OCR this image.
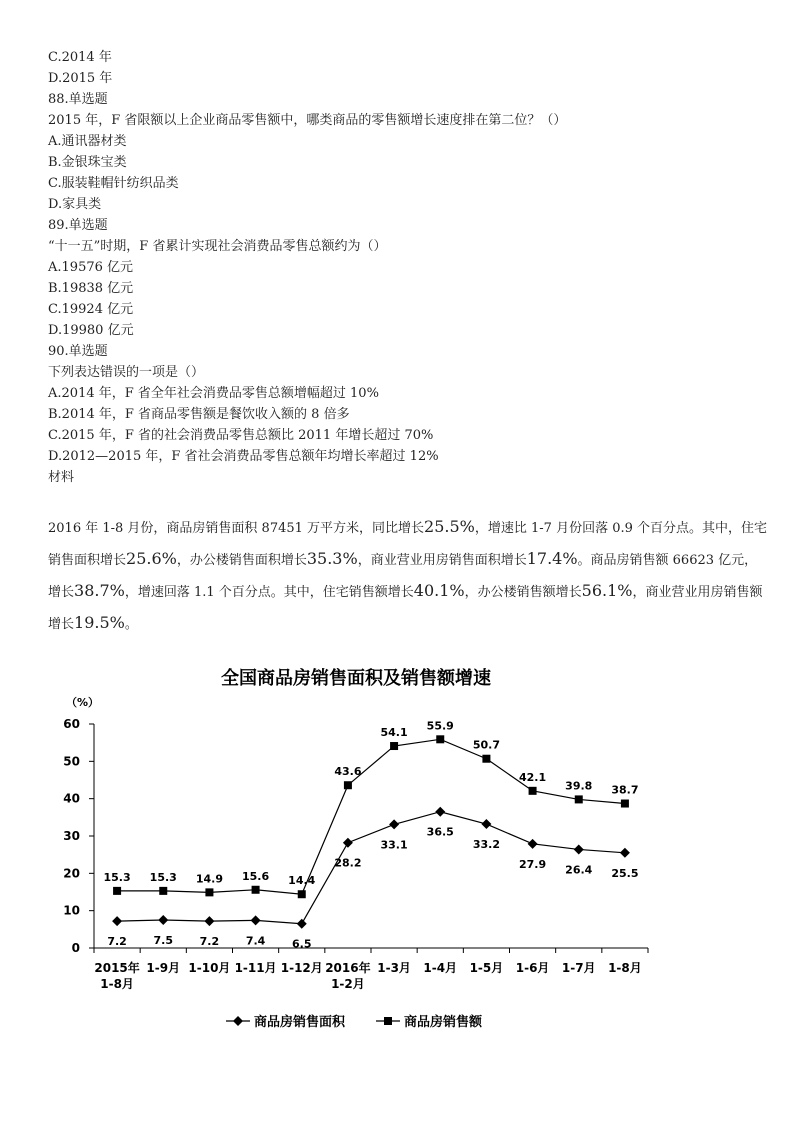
C.2014 年
D.2015 年
88.单选题
2015 年，F 省限额以上企业商品零售额中，哪类商品的零售额增长速度排在第二位？（）
A.通讯器材类
B.金银珠宝类
C.服装鞋帽针纺织品类
D.家具类
89.单选题
“十一五”时期，F 省累计实现社会消费品零售总额约为（）
A.19576 亿元
B.19838 亿元
C.19924 亿元
D.19980 亿元
90.单选题
下列表达错误的一项是（）
A.2014 年，F 省全年社会消费品零售总额增幅超过 10%
B.2014 年，F 省商品零售额是餐饮收入额的 8 倍多
C.2015 年，F 省的社会消费品零售总额比 2011 年增长超过 70%
D.2012—2015 年，F 省社会消费品零售总额年均增长率超过 12%
材料
2016 年 1-8 月份，商品房销售面积 87451 万平方米，同比增长25.5%，增速比 1-7 月份回落 0.9 个百分点。其中，住宅销售面积增长25.6%，办公楼销售面积增长35.3%，商业营业用房销售面积增长17.4%。商品房销售额 66623 亿元，增长38.7%，增速回落 1.1 个百分点。其中，住宅销售额增长40.1%，办公楼销售额增长56.1%，商业营业用房销售额增长19.5%。
全国商品房销售面积及销售额增速
（%）
0
10
20
30
40
50
60
2015年
1-8月
1-9月 1-10月 1-11月 1-12月 2016年
1-2月
1-3月 1-4月 1-5月 1-6月 1-7月 1-8月
7.2 7.5 7.2 7.4 6.5
28.2
33.1
36.5
33.2
27.9 26.4 25.5
15.3 15.3 14.9 15.6 14.4
43.6
54.1
55.9
50.7
42.1
39.8 38.7
商品房销售面积	商品房销售额
